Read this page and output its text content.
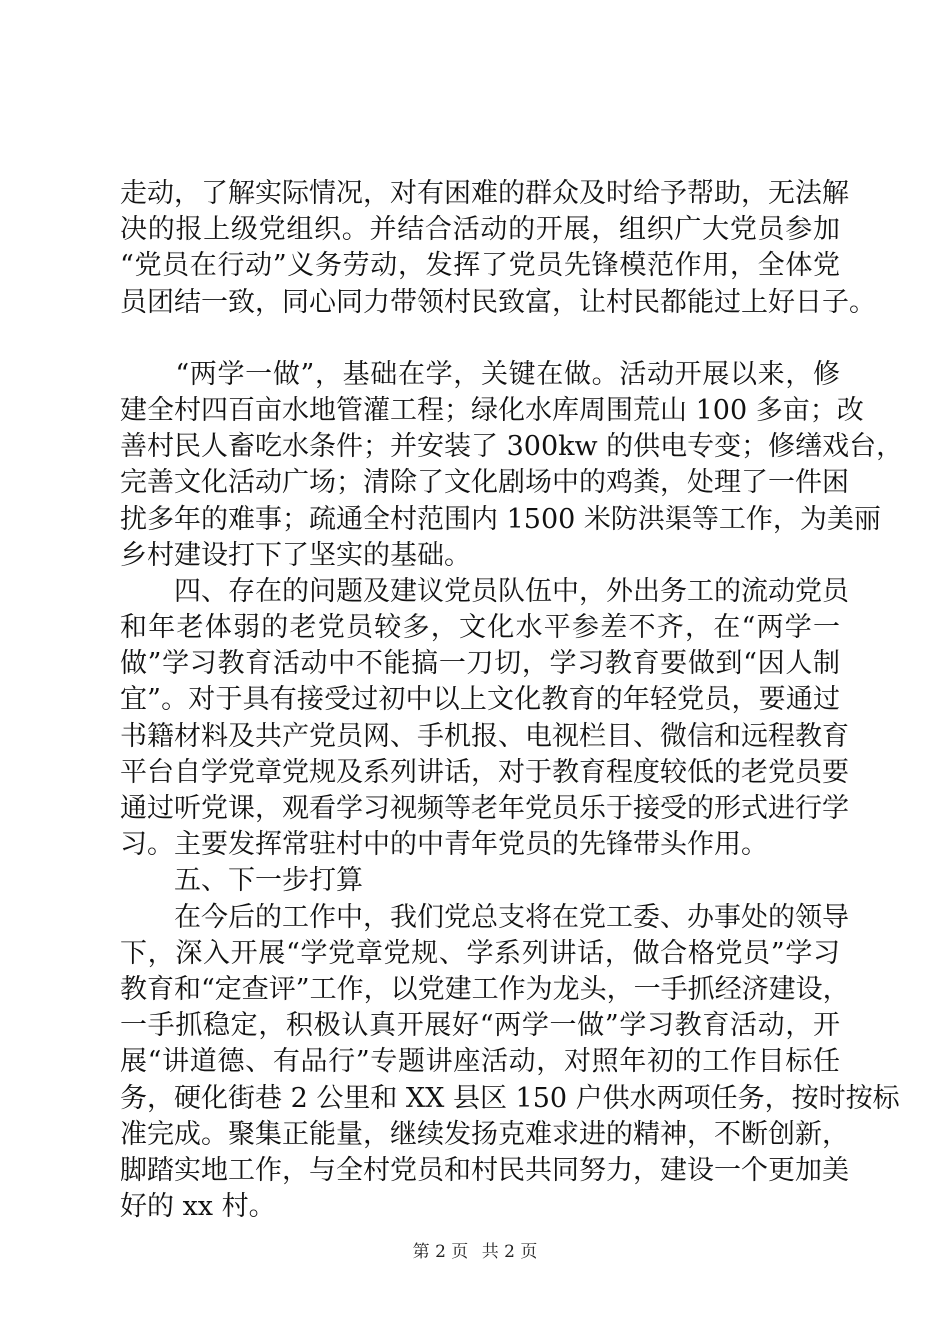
走动，了解实际情况，对有困难的群众及时给予帮助，无法解
决的报上级党组织。并结合活动的开展，组织广大党员参加
“党员在行动”义务劳动，发挥了党员先锋模范作用，全体党
员团结一致，同心同力带领村民致富，让村民都能过上好日子。
　　“两学一做”，基础在学，关键在做。活动开展以来，修
建全村四百亩水地管灌工程；绿化水库周围荒山 100 多亩；改
善村民人畜吃水条件；并安装了 300kw 的供电专变；修缮戏台，
完善文化活动广场；清除了文化剧场中的鸡粪，处理了一件困
扰多年的难事；疏通全村范围内 1500 米防洪渠等工作，为美丽
乡村建设打下了坚实的基础。
　　四、存在的问题及建议党员队伍中，外出务工的流动党员
和年老体弱的老党员较多，文化水平参差不齐，在“两学一
做”学习教育活动中不能搞一刀切，学习教育要做到“因人制
宜”。对于具有接受过初中以上文化教育的年轻党员，要通过
书籍材料及共产党员网、手机报、电视栏目、微信和远程教育
平台自学党章党规及系列讲话，对于教育程度较低的老党员要
通过听党课，观看学习视频等老年党员乐于接受的形式进行学
习。主要发挥常驻村中的中青年党员的先锋带头作用。
　　五、下一步打算
　　在今后的工作中，我们党总支将在党工委、办事处的领导
下，深入开展“学党章党规、学系列讲话，做合格党员”学习
教育和“定查评”工作，以党建工作为龙头，一手抓经济建设，
一手抓稳定，积极认真开展好“两学一做”学习教育活动，开
展“讲道德、有品行”专题讲座活动，对照年初的工作目标任
务，硬化街巷 2 公里和 XX 县区 150 户供水两项任务，按时按标
准完成。聚集正能量，继续发扬克难求进的精神，不断创新，
脚踏实地工作，与全村党员和村民共同努力，建设一个更加美
好的 xx 村。
第 2 页 共 2 页
